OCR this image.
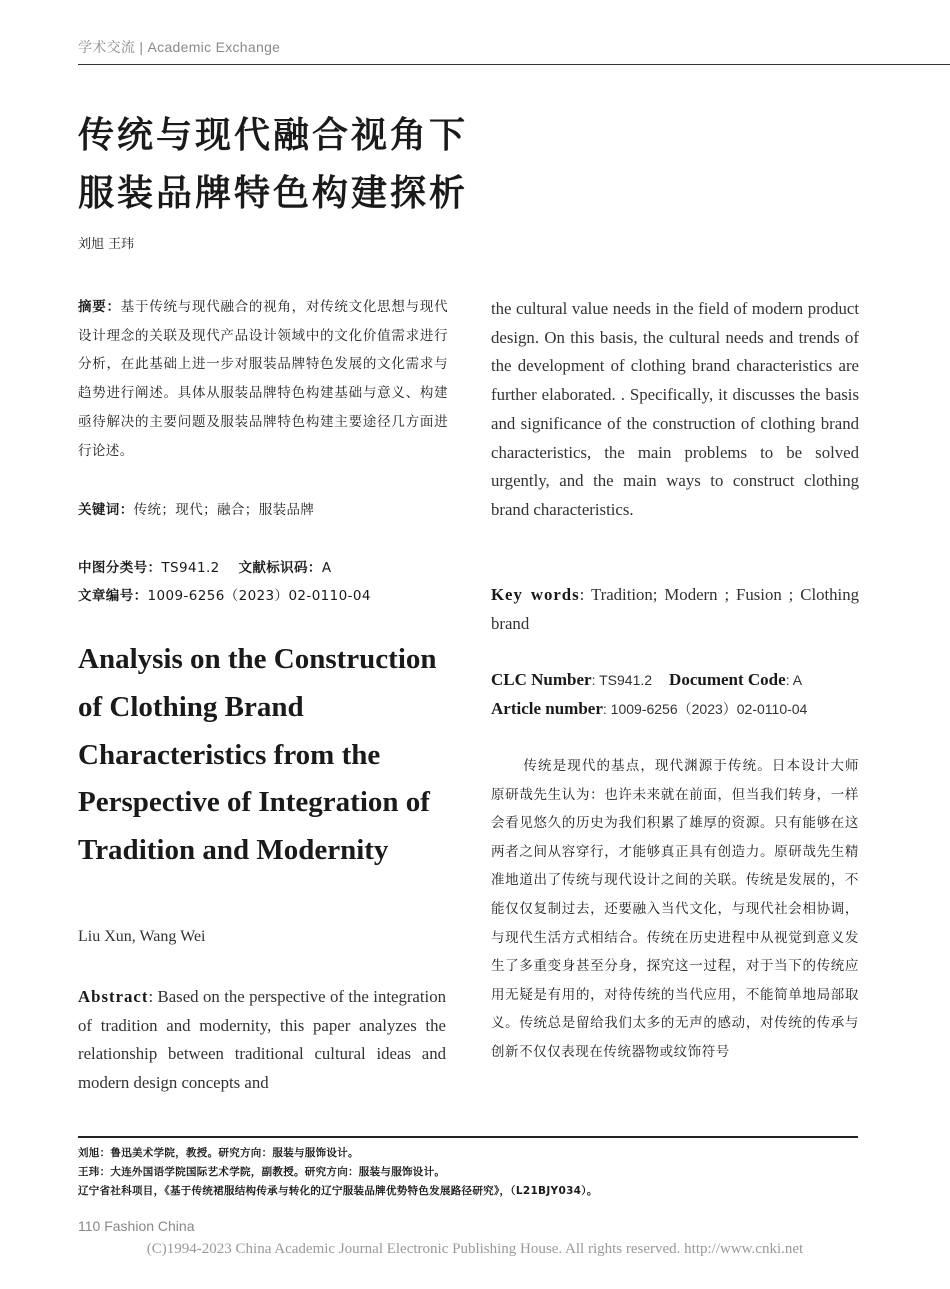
学术交流 | Academic Exchange
传统与现代融合视角下
服装品牌特色构建探析
刘旭 王玮

摘要：基于传统与现代融合的视角，对传统文化思想与现代设计理念的关联及现代产品设计领域中的文化价值需求进行分析，在此基础上进一步对服装品牌特色发展的文化需求与趋势进行阐述。具体从服装品牌特色构建基础与意义、构建亟待解决的主要问题及服装品牌特色构建主要途径几方面进行论述。

关键词：传统；现代；融合；服装品牌
中图分类号：TS941.2 文献标识码：A
文章编号：1009-6256（2023）02-0110-04
Analysis on the Construction of Clothing Brand Characteristics from the Perspective of Integration of Tradition and Modernity
Liu Xun, Wang Wei

Abstract: Based on the perspective of the integration of tradition and modernity, this paper analyzes the relationship between traditional cultural ideas and modern design concepts and

the cultural value needs in the field of modern product design. On this basis, the cultural needs and trends of the development of clothing brand characteristics are further elaborated. . Specifically, it discusses the basis and significance of the construction of clothing brand characteristics, the main problems to be solved urgently, and the main ways to construct clothing brand characteristics.

Key words: Tradition; Modern ; Fusion ; Clothing brand

CLC Number: TS941.2 Document Code: A
Article number: 1009-6256（2023）02-0110-04

传统是现代的基点，现代渊源于传统。日本设计大师原研哉先生认为：也许未来就在前面，但当我们转身，一样会看见悠久的历史为我们积累了雄厚的资源。只有能够在这两者之间从容穿行，才能够真正具有创造力。原研哉先生精准地道出了传统与现代设计之间的关联。传统是发展的，不能仅仅复制过去，还要融入当代文化，与现代社会相协调，与现代生活方式相结合。传统在历史进程中从视觉到意义发生了多重变身甚至分身，探究这一过程，对于当下的传统应用无疑是有用的，对待传统的当代应用，不能简单地局部取义。传统总是留给我们太多的无声的感动，对传统的传承与创新不仅仅表现在传统器物或纹饰符号

刘旭：鲁迅美术学院，教授。研究方向：服装与服饰设计。
王玮：大连外国语学院国际艺术学院，副教授。研究方向：服装与服饰设计。
辽宁省社科项目，《基于传统裙服结构传承与转化的辽宁服装品牌优势特色发展路径研究》，（L21BJY034）。
110 Fashion China
(C)1994-2023 China Academic Journal Electronic Publishing House. All rights reserved. http://www.cnki.net
